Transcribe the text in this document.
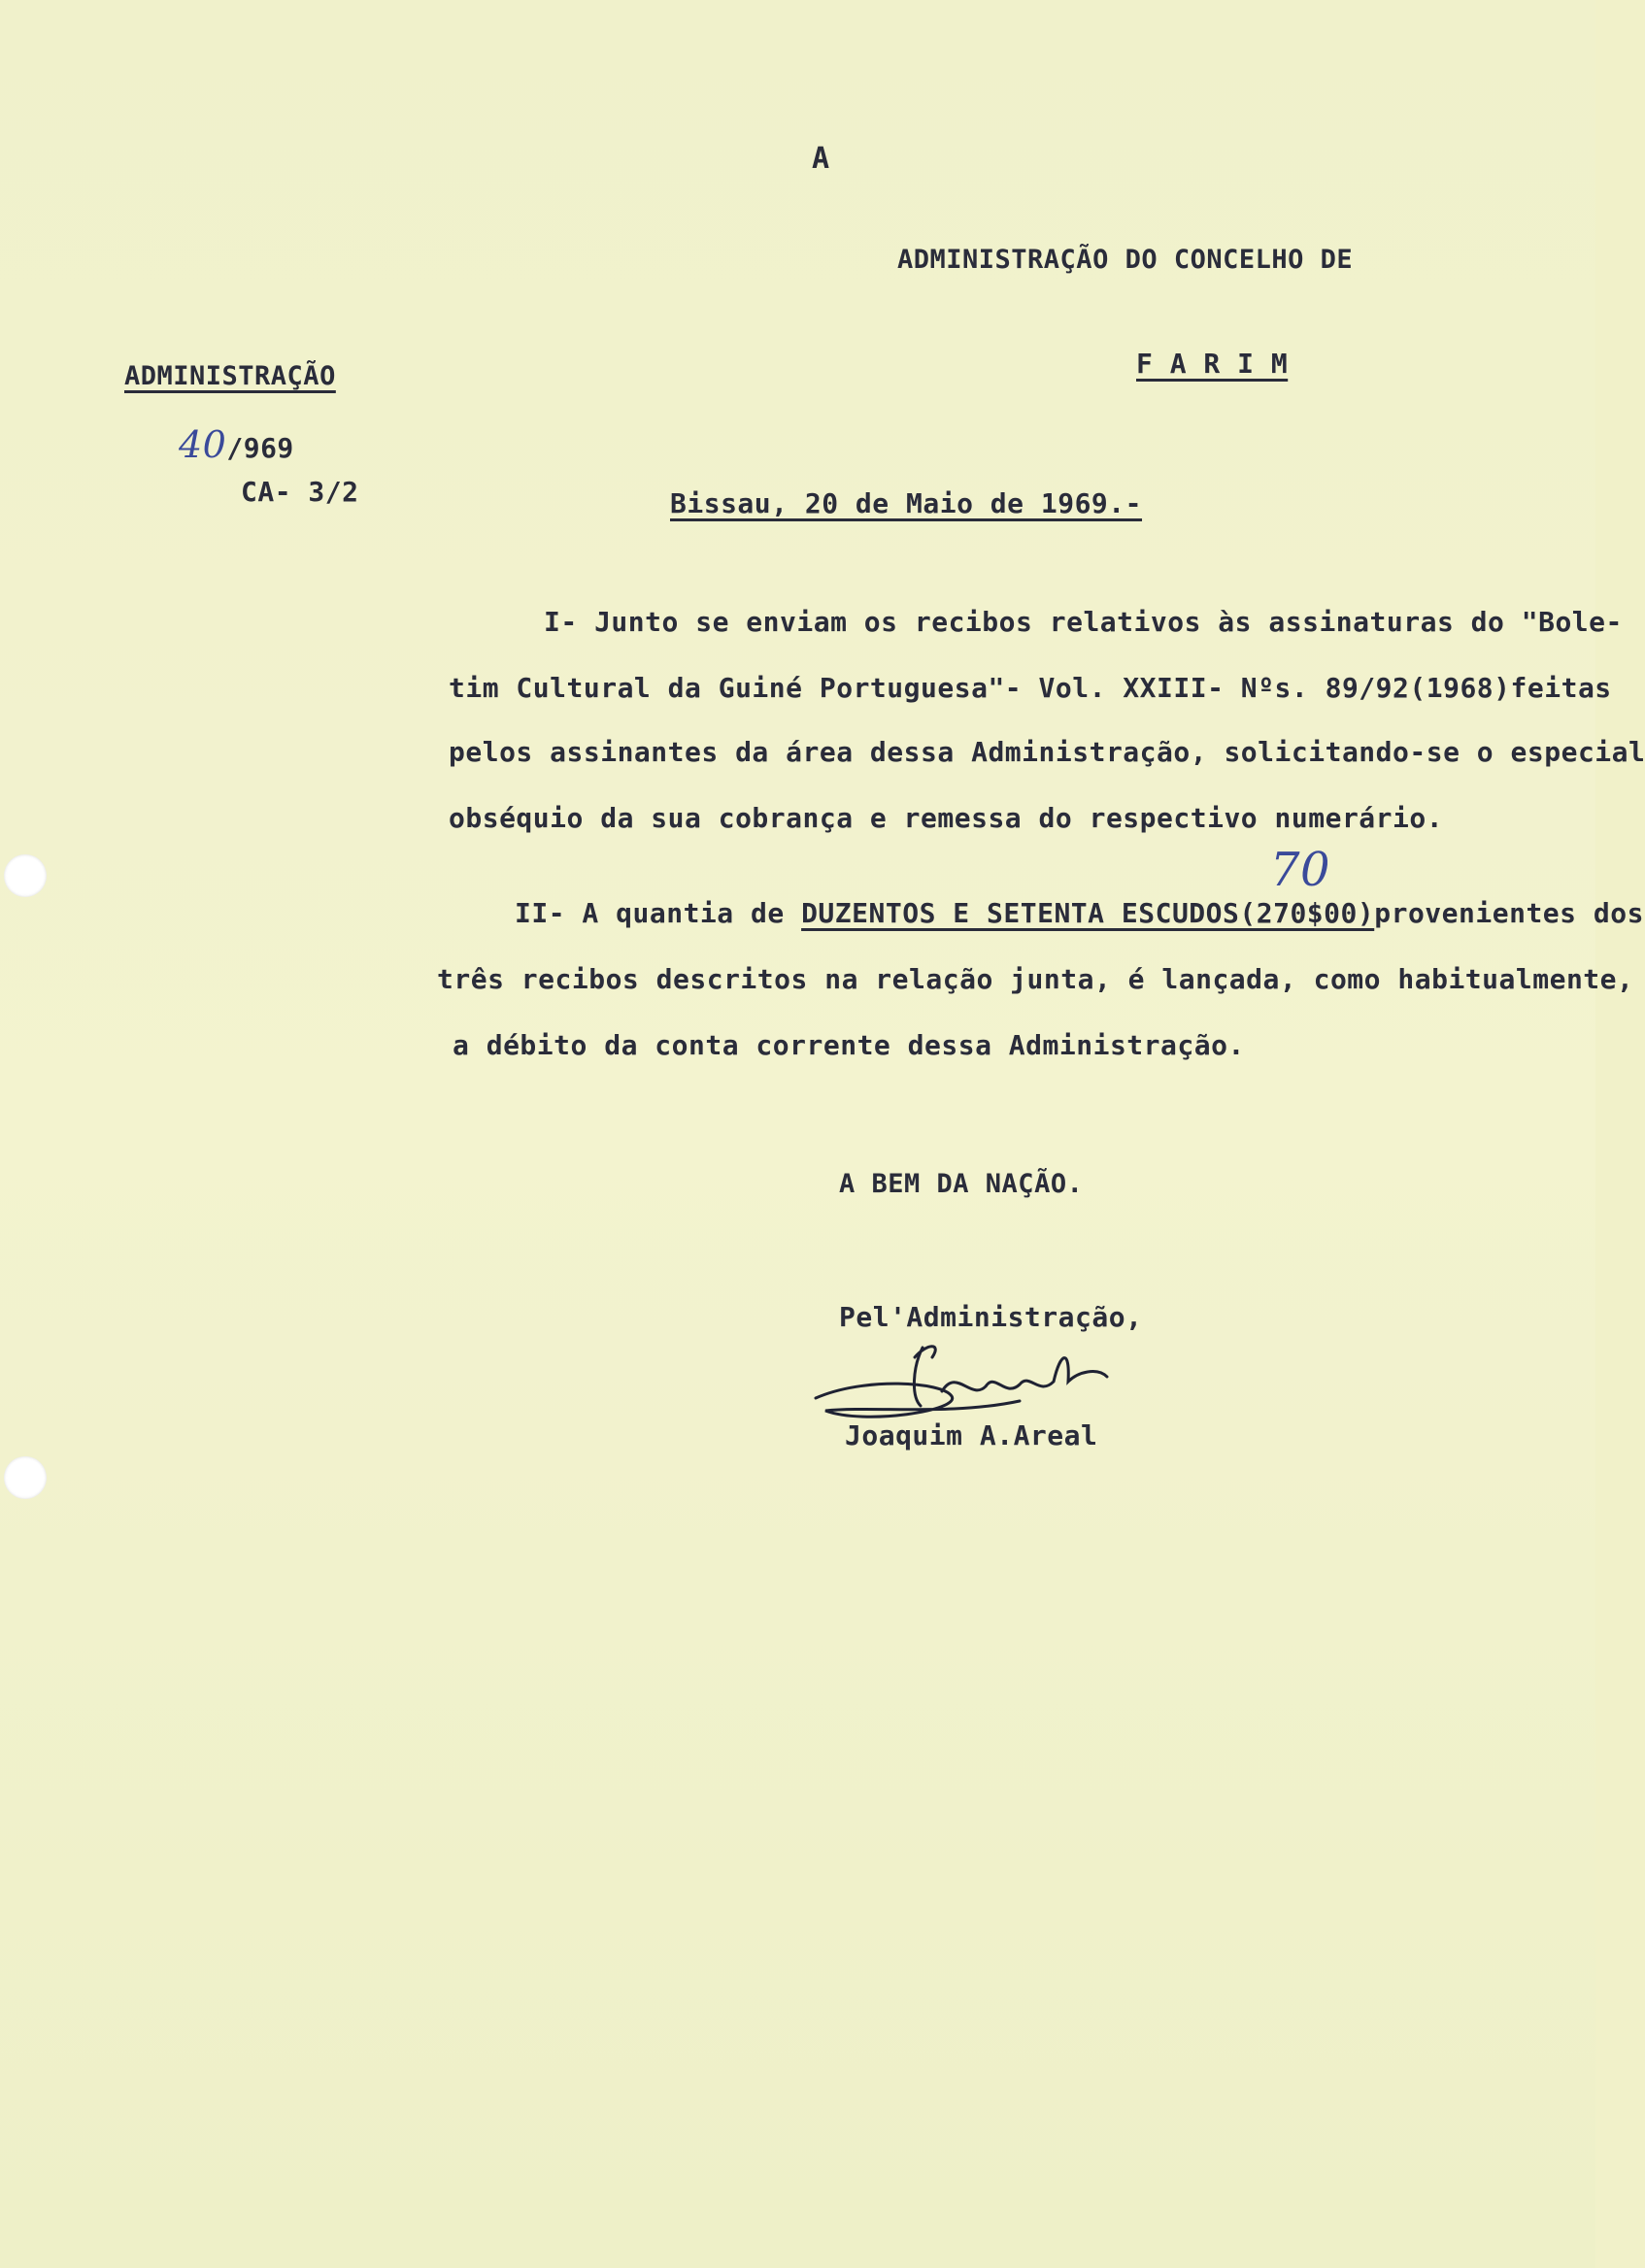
A
ADMINISTRAÇÃO DO CONCELHO DE
F A R I M
ADMINISTRAÇÃO
40/969
CA- 3/2	Bissau, 20 de Maio de 1969.-
I- Junto se enviam os recibos relativos às assinaturas do "Bole-
tim Cultural da Guiné Portuguesa"- Vol. XXIII- Nºs. 89/92(1968)feitas
pelos assinantes da área dessa Administração, solicitando-se o especial
obséquio da sua cobrança e remessa do respectivo numerário.
II- A quantia de DUZENTOS E SETENTA ESCUDOS(270$00)provenientes dos
70
três recibos descritos na relação junta, é lançada, como habitualmente,
a débito da conta corrente dessa Administração.
A BEM DA NAÇÃO.
Pel'Administração,
Joaquim A.Areal
